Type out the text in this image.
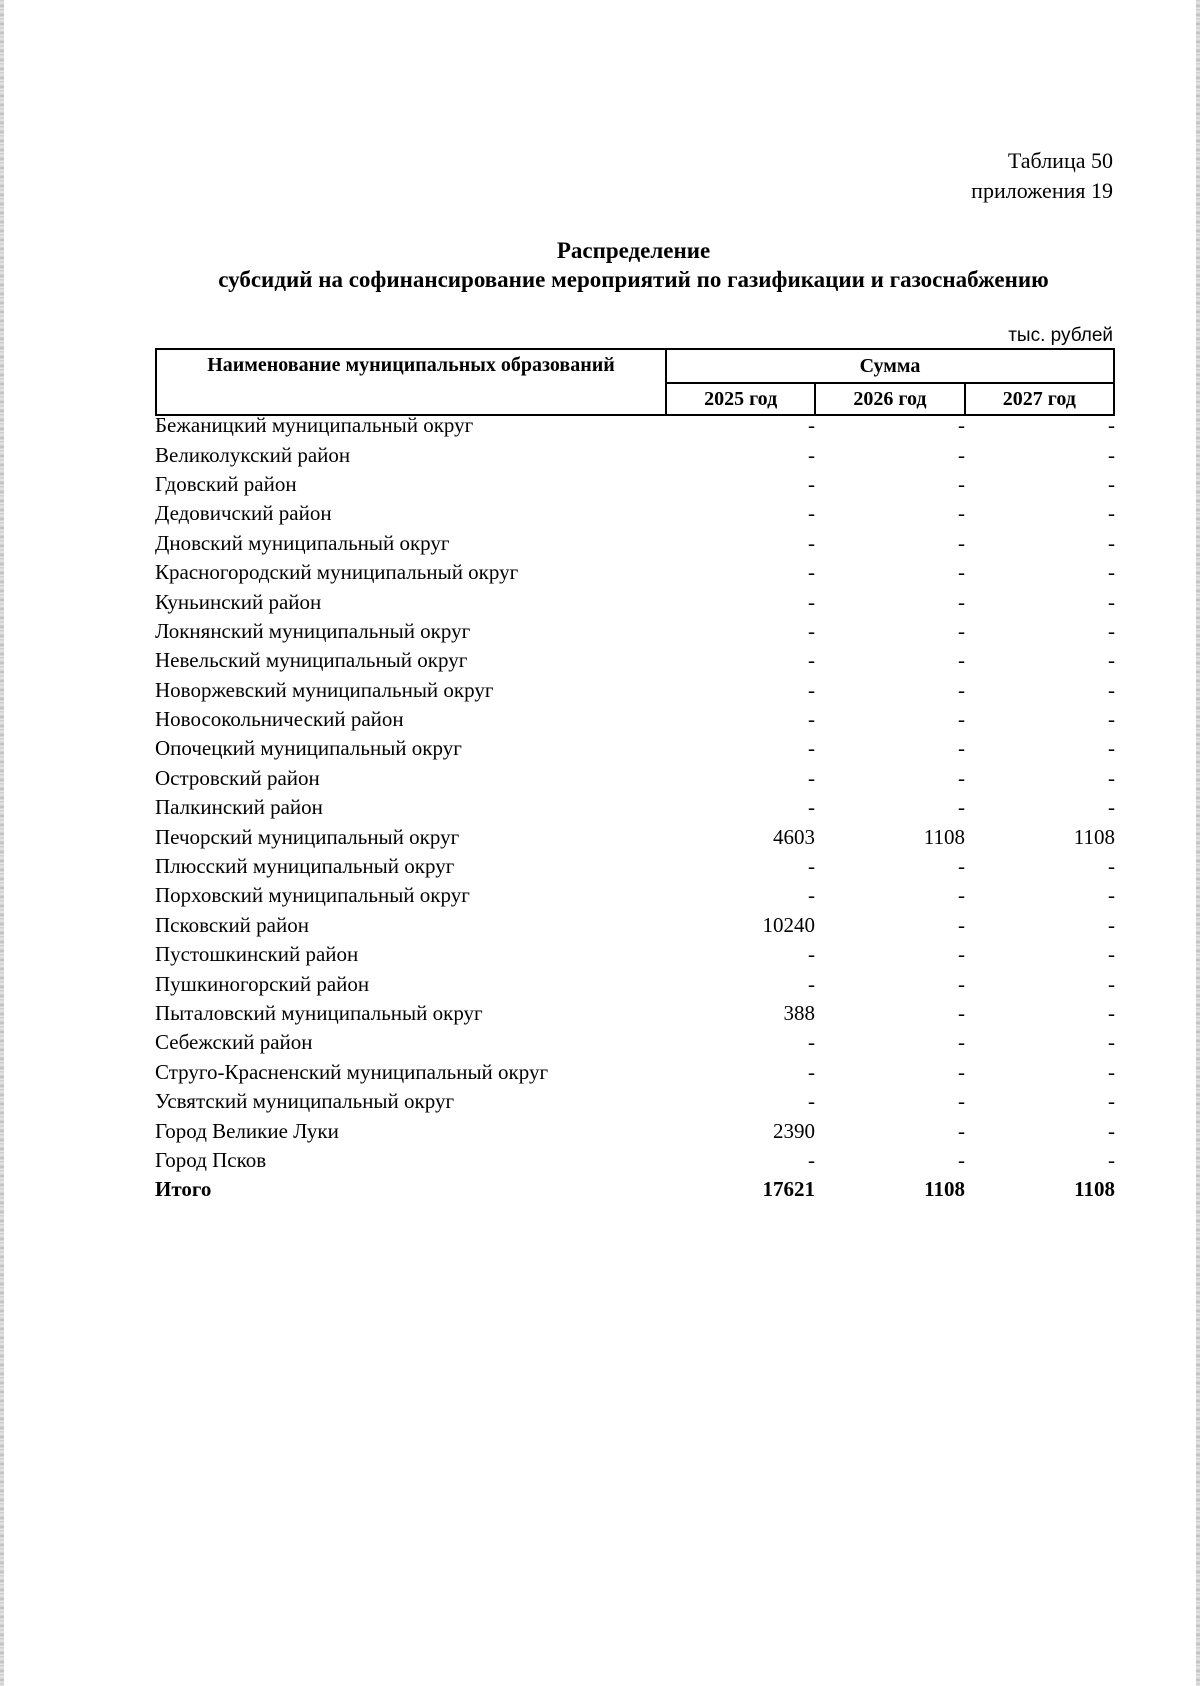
Таблица 50
приложения 19
Распределение
субсидий на софинансирование мероприятий по газификации и газоснабжению
тыс. рублей
Наименование муниципальных образований	Сумма		
	2025 год	2026 год	2027 год
Бежаницкий муниципальный округ	-	-	-
Великолукский район	-	-	-
Гдовский район	-	-	-
Дедовичский район	-	-	-
Дновский муниципальный округ	-	-	-
Красногородский муниципальный округ	-	-	-
Куньинский район	-	-	-
Локнянский муниципальный округ	-	-	-
Невельский муниципальный округ	-	-	-
Новоржевский муниципальный округ	-	-	-
Новосокольнический район	-	-	-
Опочецкий муниципальный округ	-	-	-
Островский район	-	-	-
Палкинский район	-	-	-
Печорский муниципальный округ	4603	1108	1108
Плюсский муниципальный округ	-	-	-
Порховский муниципальный округ	-	-	-
Псковский район	10240	-	-
Пустошкинский район	-	-	-
Пушкиногорский район	-	-	-
Пыталовский муниципальный округ	388	-	-
Себежский район	-	-	-
Струго-Красненский муниципальный округ	-	-	-
Усвятский муниципальный округ	-	-	-
Город Великие Луки	2390	-	-
Город Псков	-	-	-
Итого	17621	1108	1108
